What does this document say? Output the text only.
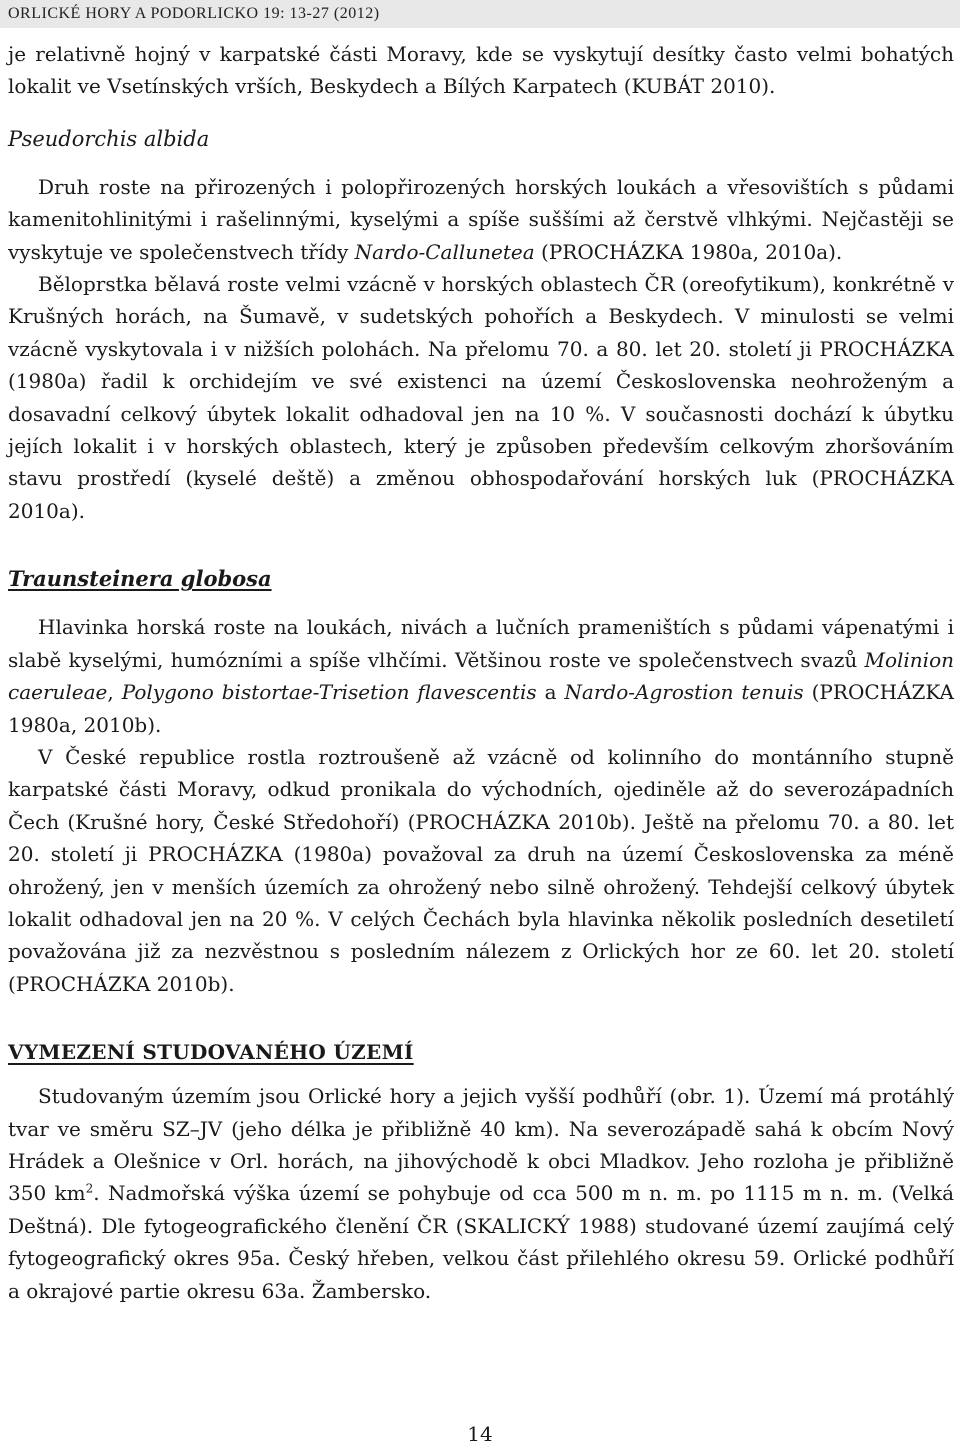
ORLICKÉ HORY A PODORLICKO 19: 13-27 (2012)

je relativně hojný v karpatské části Moravy, kde se vyskytují desítky často velmi bohatých lokalit ve Vsetínských vrších, Beskydech a Bílých Karpatech (KUBÁT 2010).

Pseudorchis albida

Druh roste na přirozených i polopřirozených horských loukách a vřesovištích s půdami kamenitohlinitými i rašelinnými, kyselými a spíše suššími až čerstvě vlhkými. Nejčastěji se vyskytuje ve společenstvech třídy Nardo-Callunetea (PROCHÁZKA 1980a, 2010a).

Běloprstka bělavá roste velmi vzácně v horských oblastech ČR (oreofytikum), konkrétně v Krušných horách, na Šumavě, v sudetských pohořích a Beskydech. V minulosti se velmi vzácně vyskytovala i v nižších polohách. Na přelomu 70. a 80. let 20. století ji PROCHÁZKA (1980a) řadil k orchidejím ve své existenci na území Československa neohroženým a dosavadní celkový úbytek lokalit odhadoval jen na 10 %. V současnosti dochází k úbytku jejích lokalit i v horských oblastech, který je způsoben především celkovým zhoršováním stavu prostředí (kyselé deště) a změnou obhospodařování horských luk (PROCHÁZKA 2010a).

Traunsteinera globosa

Hlavinka horská roste na loukách, nivách a lučních prameništích s půdami vápenatými i slabě kyselými, humózními a spíše vlhčími. Většinou roste ve společenstvech svazů Molinion caeruleae, Polygono bistortae-Trisetion flavescentis a Nardo-Agrostion tenuis (PROCHÁZKA 1980a, 2010b).

V České republice rostla roztroušeně až vzácně od kolinního do montánního stupně karpatské části Moravy, odkud pronikala do východních, ojediněle až do severozápadních Čech (Krušné hory, České Středohoří) (PROCHÁZKA 2010b). Ještě na přelomu 70. a 80. let 20. století ji PROCHÁZKA (1980a) považoval za druh na území Československa za méně ohrožený, jen v menších územích za ohrožený nebo silně ohrožený. Tehdejší celkový úbytek lokalit odhadoval jen na 20 %. V celých Čechách byla hlavinka několik posledních desetiletí považována již za nezvěstnou s posledním nálezem z Orlických hor ze 60. let 20. století (PROCHÁZKA 2010b).

VYMEZENÍ STUDOVANÉHO ÚZEMÍ

Studovaným územím jsou Orlické hory a jejich vyšší podhůří (obr. 1). Území má protáhlý tvar ve směru SZ–JV (jeho délka je přibližně 40 km). Na severozápadě sahá k obcím Nový Hrádek a Olešnice v Orl. horách, na jihovýchodě k obci Mladkov. Jeho rozloha je přibližně 350 $km^2$. Nadmořská výška území se pohybuje od cca 500 m n. m. po 1115 m n. m. (Velká Deštná). Dle fytogeografického členění ČR (SKALICKÝ 1988) studované území zaujímá celý fytogeografický okres 95a. Český hřeben, velkou část přilehlého okresu 59. Orlické podhůří a okrajové partie okresu 63a. Žambersko.

14
